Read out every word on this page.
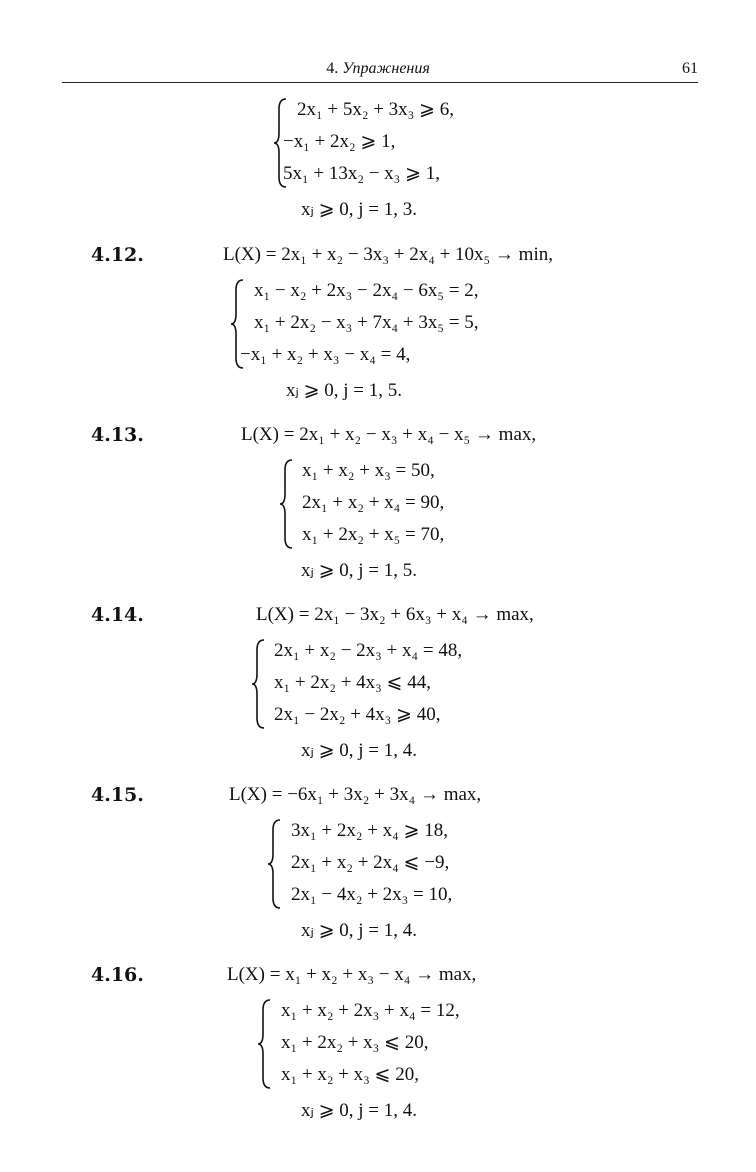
4. Упражнения	61
2x₁ + 5x₂ + 3x₃ ⩾ 6,
−x₁ + 2x₂ ⩾ 1,
5x₁ + 13x₂ − x₃ ⩾ 1,
xⱼ ⩾ 0, j = 1, 3.
4.12.	L(X) = 2x₁ + x₂ − 3x₃ + 2x₄ + 10x₅ → min,
x₁ − x₂ + 2x₃ − 2x₄ − 6x₅ = 2,
x₁ + 2x₂ − x₃ + 7x₄ + 3x₅ = 5,
−x₁ + x₂ + x₃ − x₄ = 4,
xⱼ ⩾ 0, j = 1, 5.
4.13.	L(X) = 2x₁ + x₂ − x₃ + x₄ − x₅ → max,
x₁ + x₂ + x₃ = 50,
2x₁ + x₂ + x₄ = 90,
x₁ + 2x₂ + x₅ = 70,
xⱼ ⩾ 0, j = 1, 5.
4.14.	L(X) = 2x₁ − 3x₂ + 6x₃ + x₄ → max,
2x₁ + x₂ − 2x₃ + x₄ = 48,
x₁ + 2x₂ + 4x₃ ⩽ 44,
2x₁ − 2x₂ + 4x₃ ⩾ 40,
xⱼ ⩾ 0, j = 1, 4.
4.15.	L(X) = −6x₁ + 3x₂ + 3x₄ → max,
3x₁ + 2x₂ + x₄ ⩾ 18,
2x₁ + x₂ + 2x₄ ⩽ −9,
2x₁ − 4x₂ + 2x₃ = 10,
xⱼ ⩾ 0, j = 1, 4.
4.16.	L(X) = x₁ + x₂ + x₃ − x₄ → max,
x₁ + x₂ + 2x₃ + x₄ = 12,
x₁ + 2x₂ + x₃ ⩽ 20,
x₁ + x₂ + x₃ ⩽ 20,
xⱼ ⩾ 0, j = 1, 4.
